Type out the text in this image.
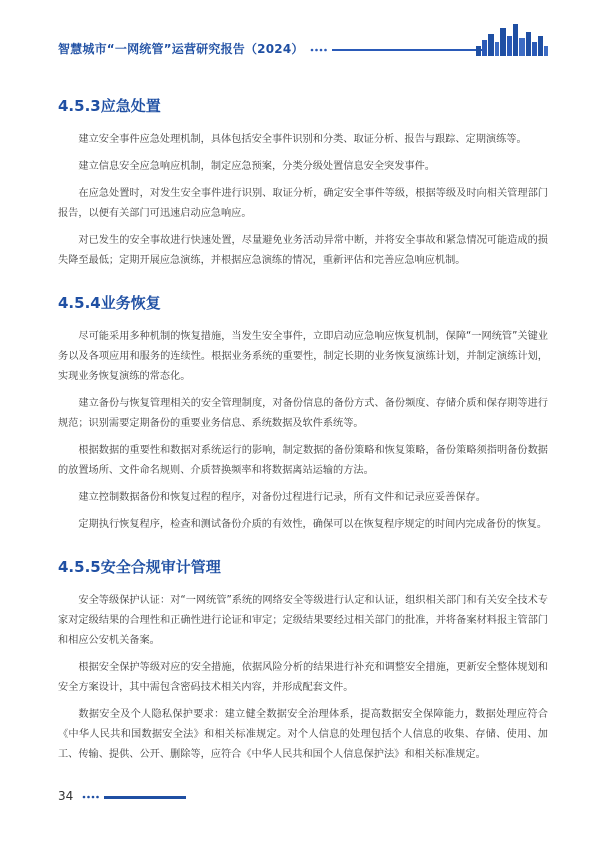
智慧城市“一网统管”运营研究报告（2024）
4.5.3应急处置

建立安全事件应急处理机制，具体包括安全事件识别和分类、取证分析、报告与跟踪、定期演练等。

建立信息安全应急响应机制，制定应急预案，分类分级处置信息安全突发事件。

在应急处置时，对发生安全事件进行识别、取证分析，确定安全事件等级，根据等级及时向相关管理部门报告，以便有关部门可迅速启动应急响应。

对已发生的安全事故进行快速处置，尽量避免业务活动异常中断，并将安全事故和紧急情况可能造成的损失降至最低；定期开展应急演练，并根据应急演练的情况，重新评估和完善应急响应机制。

4.5.4业务恢复

尽可能采用多种机制的恢复措施，当发生安全事件，立即启动应急响应恢复机制，保障“一网统管”关键业务以及各项应用和服务的连续性。根据业务系统的重要性，制定长期的业务恢复演练计划，并制定演练计划，实现业务恢复演练的常态化。

建立备份与恢复管理相关的安全管理制度，对备份信息的备份方式、备份频度、存储介质和保存期等进行规范；识别需要定期备份的重要业务信息、系统数据及软件系统等。

根据数据的重要性和数据对系统运行的影响，制定数据的备份策略和恢复策略，备份策略须指明备份数据的放置场所、文件命名规则、介质替换频率和将数据离站运输的方法。

建立控制数据备份和恢复过程的程序，对备份过程进行记录，所有文件和记录应妥善保存。

定期执行恢复程序，检查和测试备份介质的有效性，确保可以在恢复程序规定的时间内完成备份的恢复。

4.5.5安全合规审计管理

安全等级保护认证：对“一网统管”系统的网络安全等级进行认定和认证，组织相关部门和有关安全技术专家对定级结果的合理性和正确性进行论证和审定；定级结果要经过相关部门的批准，并将备案材料报主管部门和相应公安机关备案。

根据安全保护等级对应的安全措施，依据风险分析的结果进行补充和调整安全措施，更新安全整体规划和安全方案设计，其中需包含密码技术相关内容，并形成配套文件。

数据安全及个人隐私保护要求：建立健全数据安全治理体系，提高数据安全保障能力，数据处理应符合《中华人民共和国数据安全法》和相关标准规定。对个人信息的处理包括个人信息的收集、存储、使用、加工、传输、提供、公开、删除等，应符合《中华人民共和国个人信息保护法》和相关标准规定。

34
